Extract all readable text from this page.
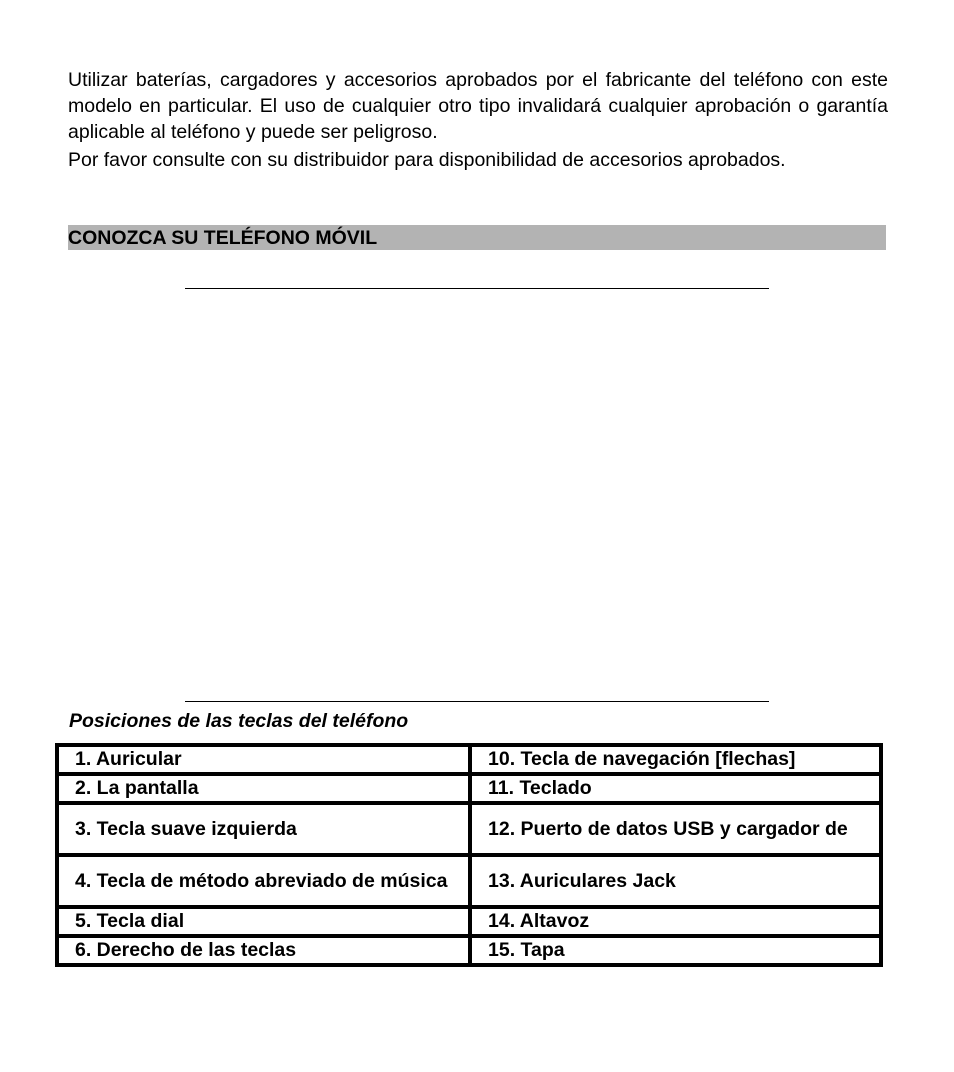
Utilizar baterías, cargadores y accesorios aprobados por el fabricante del teléfono con este modelo en particular. El uso de cualquier otro tipo invalidará cualquier aprobación o garantía aplicable al teléfono y puede ser peligroso.

Por favor consulte con su distribuidor para disponibilidad de accesorios aprobados.

CONOZCA SU TELÉFONO MÓVIL
Posiciones de las teclas del teléfono
1. Auricular	10. Tecla de navegación [flechas]
2. La pantalla	11. Teclado
3. Tecla suave izquierda	12. Puerto de datos USB y cargador de
4. Tecla de método abreviado de música	13. Auriculares Jack
5. Tecla dial	14. Altavoz
6. Derecho de las teclas	15. Tapa
